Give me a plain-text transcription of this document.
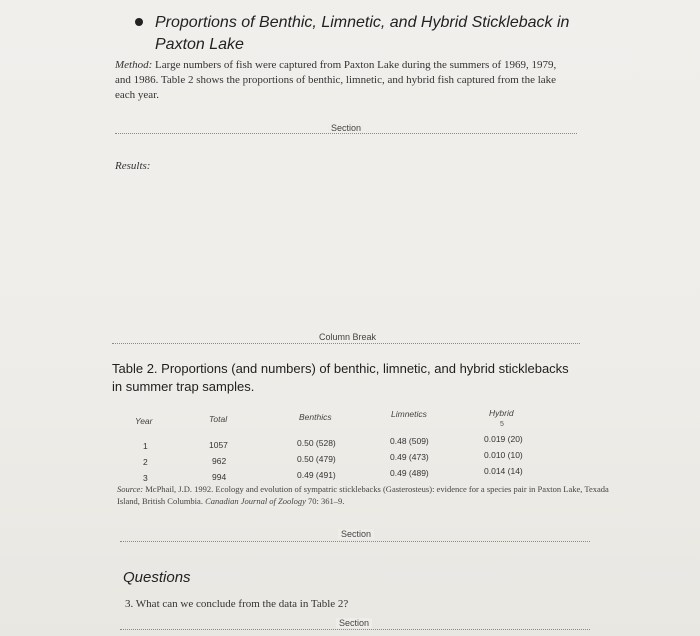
Proportions of Benthic, Limnetic, and Hybrid Stickleback in Paxton Lake
Method: Large numbers of fish were captured from Paxton Lake during the summers of 1969, 1979, and 1986. Table 2 shows the proportions of benthic, limnetic, and hybrid fish captured from the lake each year.
Section
Results:
Column Break
Table 2. Proportions (and numbers) of benthic, limnetic, and hybrid sticklebacks in summer trap samples.
Year	Total	Benthics	Limnetics	Hybrid
5
1	1057	0.50 (528)	0.48 (509)	0.019 (20)
2	962	0.50 (479)	0.49 (473)	0.010 (10)
3	994	0.49 (491)	0.49 (489)	0.014 (14)
Source: McPhail, J.D. 1992. Ecology and evolution of sympatric sticklebacks (Gasterosteus): evidence for a species pair in Paxton Lake, Texada Island, British Columbia. Canadian Journal of Zoology 70: 361–9.
Section
Questions
3. What can we conclude from the data in Table 2?
Section
